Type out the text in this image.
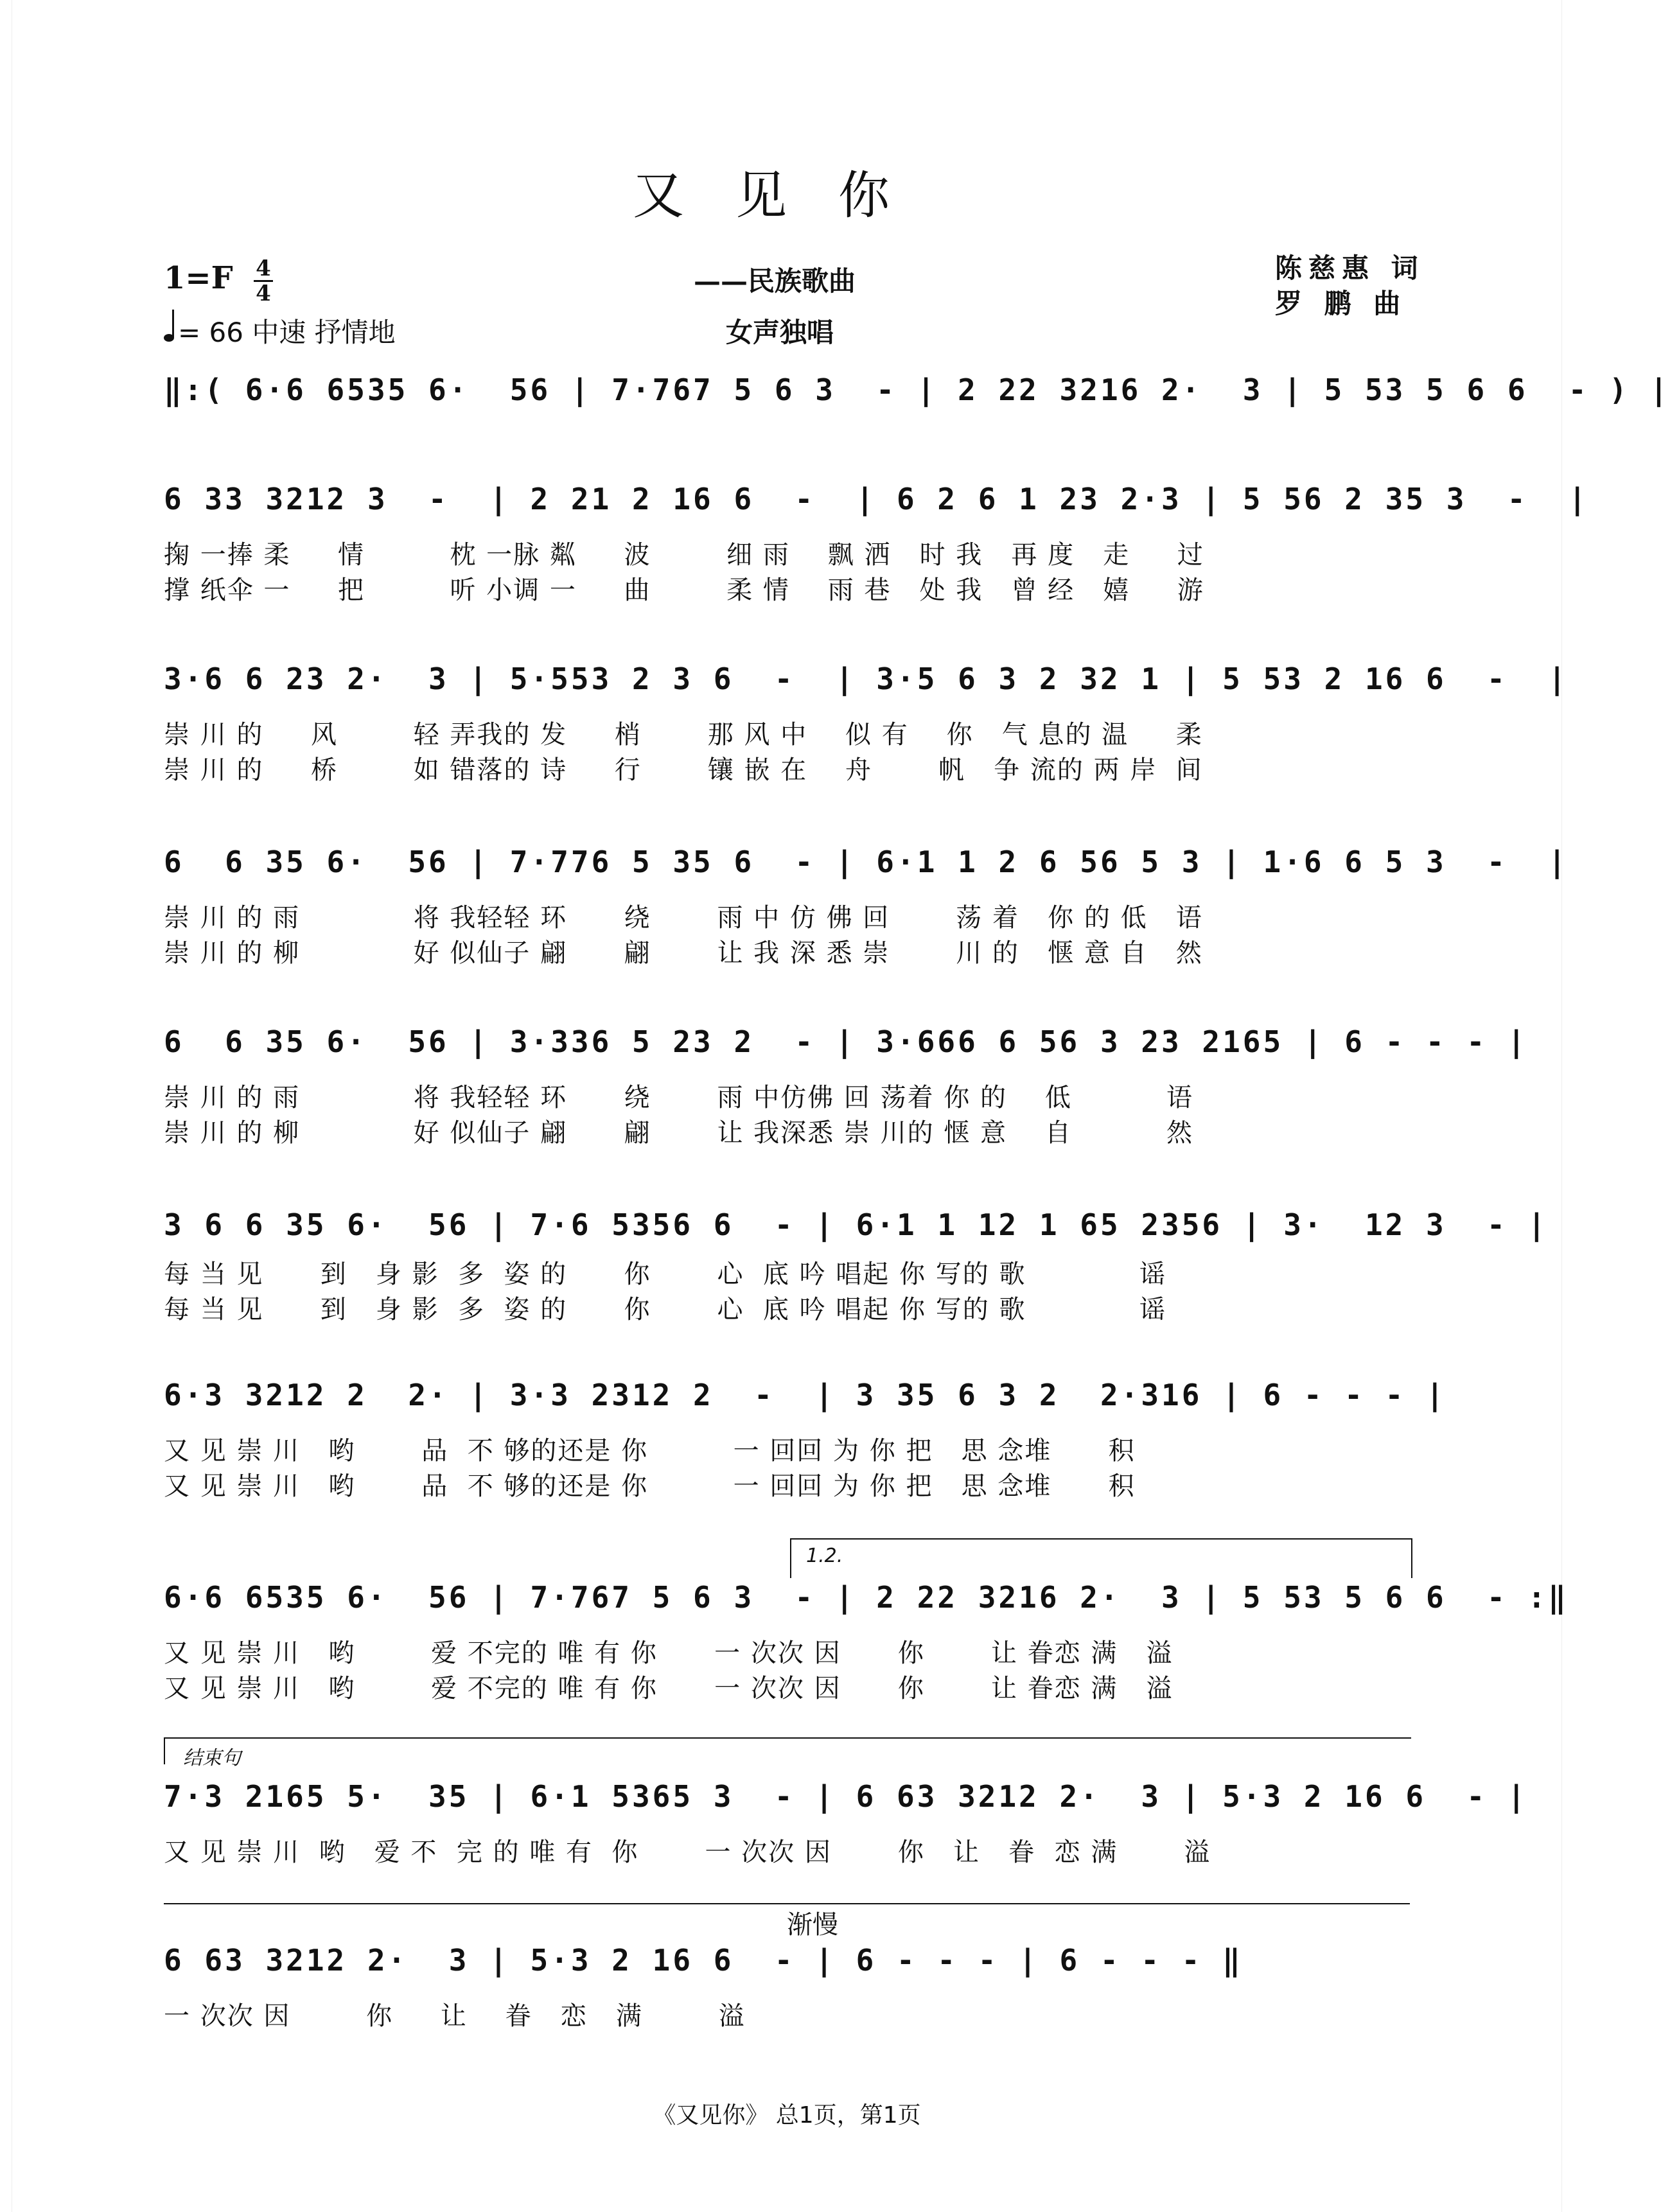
又见你
1=F 4
4
= 66 中速 抒情地
——民族歌曲
女声独唱
陈慈惠 词
罗 鹏 曲
‖:( 6·6 6535 6·  56 | 7·767 5 6 3  - | 2 22 3216 2·  3 | 5 53 5 6 6  - ) |
6 33 3212 3  -  | 2 21 2 16 6  -  | 6 2 6 1 23 2·3 | 5 56 2 35 3  -  |
掬 一捧 柔     情         枕 一脉 粼     波        细 雨    飘 洒   时 我   再 度   走     过
撑 纸伞 一     把         听 小调 一     曲        柔 情    雨 巷   处 我   曾 经   嬉     游
3·6 6 23 2·  3 | 5·553 2 3 6  -  | 3·5 6 3 2 32 1 | 5 53 2 16 6  -  |
崇 川 的     风        轻 弄我的 发     梢       那 风 中    似 有    你   气 息的 温     柔
崇 川 的     桥        如 错落的 诗     行       镶 嵌 在    舟       帆   争 流的 两 岸  间
6  6 35 6·  56 | 7·776 5 35 6  - | 6·1 1 2 6 56 5 3 | 1·6 6 5 3  -  |
崇 川 的 雨            将 我轻轻 环      绕       雨 中 仿 佛 回       荡 着   你 的 低   语
崇 川 的 柳            好 似仙子 翩      翩       让 我 深 悉 崇       川 的   惬 意 自   然
6  6 35 6·  56 | 3·336 5 23 2  - | 3·666 6 56 3 23 2165 | 6 - - - |
崇 川 的 雨            将 我轻轻 环      绕       雨 中仿佛 回 荡着 你 的    低          语
崇 川 的 柳            好 似仙子 翩      翩       让 我深悉 崇 川的 惬 意    自          然
3 6 6 35 6·  56 | 7·6 5356 6  - | 6·1 1 12 1 65 2356 | 3·  12 3  - |
每 当 见      到   身 影  多  姿 的      你       心  底 吟 唱起 你 写的 歌            谣
每 当 见      到   身 影  多  姿 的      你       心  底 吟 唱起 你 写的 歌            谣
6·3 3212 2  2· | 3·3 2312 2  -  | 3 35 6 3 2  2·316 | 6 - - - |
又 见 崇 川   哟       品  不 够的还是 你         一 回回 为 你 把   思 念堆      积
又 见 崇 川   哟       品  不 够的还是 你         一 回回 为 你 把   思 念堆      积
1.2.
6·6 6535 6·  56 | 7·767 5 6 3  - | 2 22 3216 2·  3 | 5 53 5 6 6  - :‖
又 见 崇 川   哟        爱 不完的 唯 有 你      一 次次 因      你       让 眷恋 满   溢
又 见 崇 川   哟        爱 不完的 唯 有 你      一 次次 因      你       让 眷恋 满   溢
结束句
7·3 2165 5·  35 | 6·1 5365 3  - | 6 63 3212 2·  3 | 5·3 2 16 6  - |
又 见 崇 川  哟   爱 不  完 的 唯 有  你       一 次次 因       你   让   眷  恋 满       溢
渐慢
6 63 3212 2·  3 | 5·3 2 16 6  - | 6 - - - | 6 - - - ‖
一 次次 因        你     让    眷   恋   满        溢
《又见你》 总1页，第1页
